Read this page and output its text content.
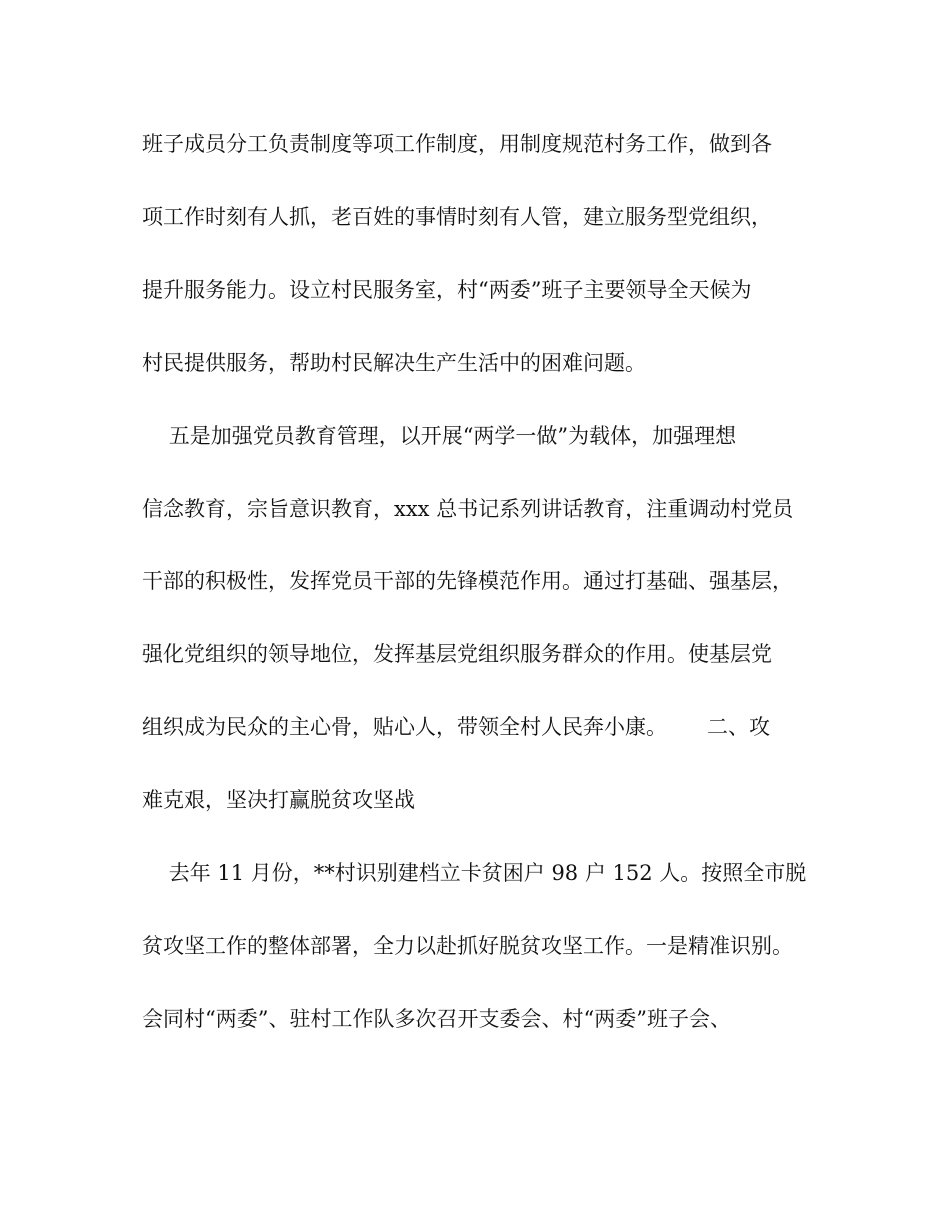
班子成员分工负责制度等项工作制度，用制度规范村务工作，做到各

项工作时刻有人抓，老百姓的事情时刻有人管，建立服务型党组织，

提升服务能力。设立村民服务室，村“两委”班子主要领导全天候为

村民提供服务，帮助村民解决生产生活中的困难问题。

五是加强党员教育管理，以开展“两学一做”为载体，加强理想

信念教育，宗旨意识教育，xxx 总书记系列讲话教育，注重调动村党员

干部的积极性，发挥党员干部的先锋模范作用。通过打基础、强基层，

强化党组织的领导地位，发挥基层党组织服务群众的作用。使基层党

组织成为民众的主心骨，贴心人，带领全村人民奔小康。      二、攻

难克艰，坚决打赢脱贫攻坚战

去年 11 月份，**村识别建档立卡贫困户 98 户 152 人。按照全市脱

贫攻坚工作的整体部署，全力以赴抓好脱贫攻坚工作。一是精准识别。

会同村“两委”、驻村工作队多次召开支委会、村“两委”班子会、
